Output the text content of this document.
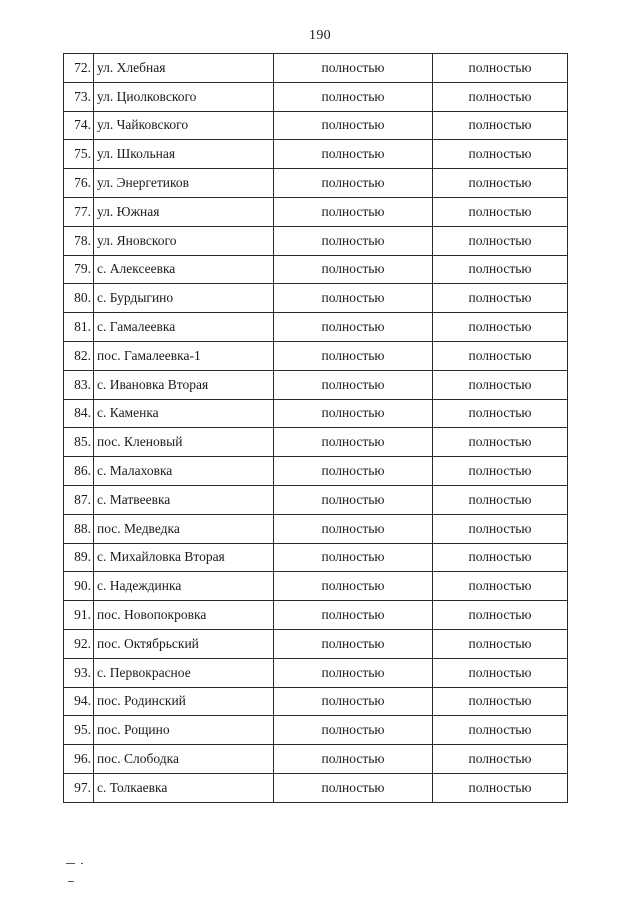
190
72.	ул. Хлебная	полностью	полностью
73.	ул. Циолковского	полностью	полностью
74.	ул. Чайковского	полностью	полностью
75.	ул. Школьная	полностью	полностью
76.	ул. Энергетиков	полностью	полностью
77.	ул. Южная	полностью	полностью
78.	ул. Яновского	полностью	полностью
79.	с. Алексеевка	полностью	полностью
80.	с. Бурдыгино	полностью	полностью
81.	с. Гамалеевка	полностью	полностью
82.	пос. Гамалеевка-1	полностью	полностью
83.	с. Ивановка Вторая	полностью	полностью
84.	с. Каменка	полностью	полностью
85.	пос. Кленовый	полностью	полностью
86.	с. Малаховка	полностью	полностью
87.	с. Матвеевка	полностью	полностью
88.	пос. Медведка	полностью	полностью
89.	с. Михайловка Вторая	полностью	полностью
90.	с. Надеждинка	полностью	полностью
91.	пос. Новопокровка	полностью	полностью
92.	пос. Октябрьский	полностью	полностью
93.	с. Первокрасное	полностью	полностью
94.	пос. Родинский	полностью	полностью
95.	пос. Рощино	полностью	полностью
96.	пос. Слободка	полностью	полностью
97.	с. Толкаевка	полностью	полностью
